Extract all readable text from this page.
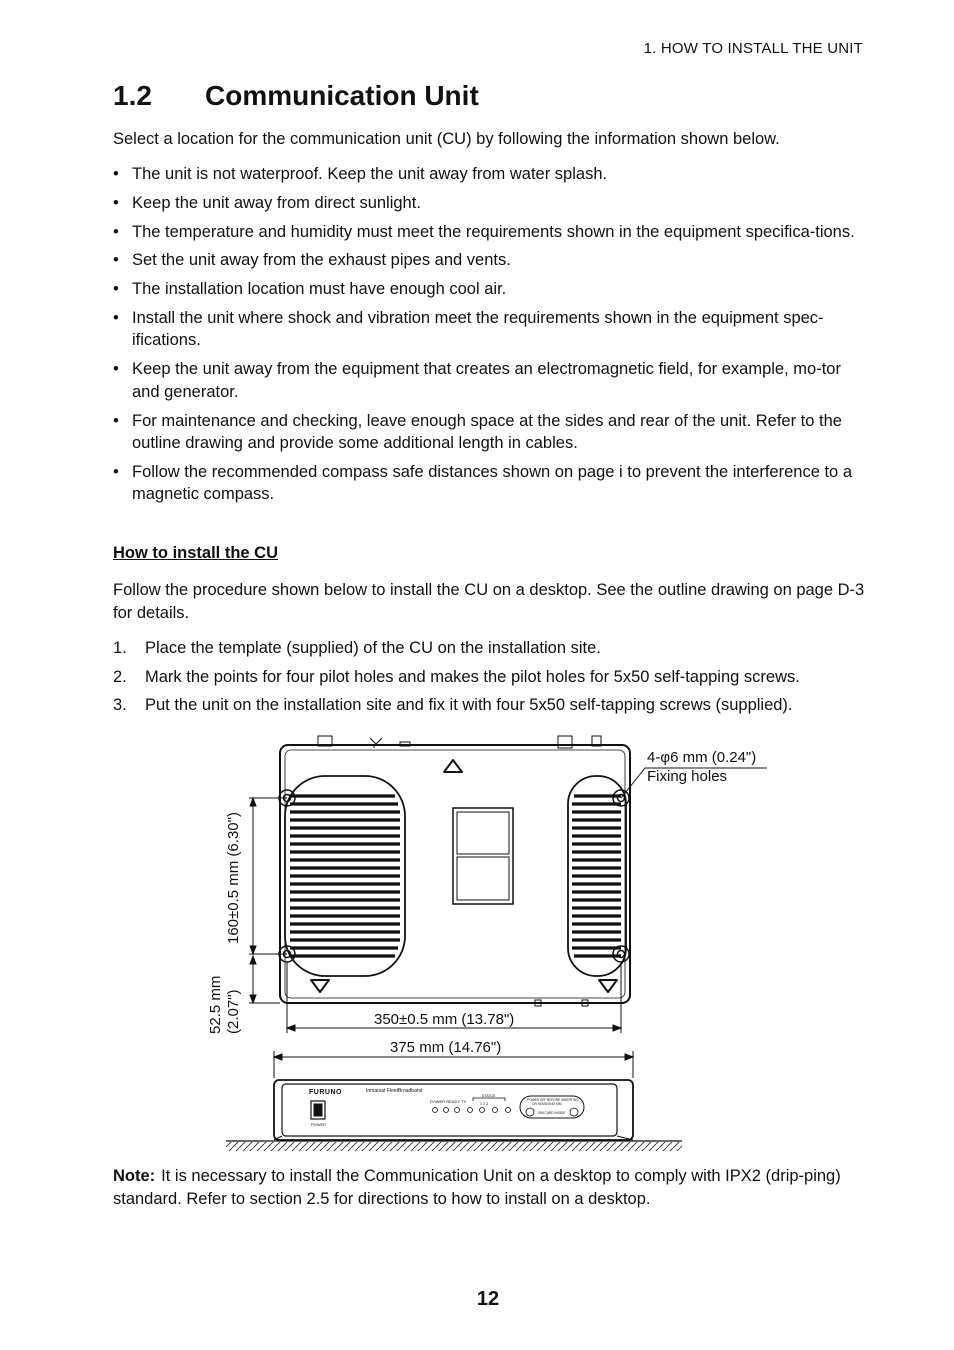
1. HOW TO INSTALL THE UNIT
1.2 Communication Unit

Select a location for the communication unit (CU) by following the information shown below.

• The unit is not waterproof. Keep the unit away from water splash.
• Keep the unit away from direct sunlight.
• The temperature and humidity must meet the requirements shown in the equipment specifica-tions.
• Set the unit away from the exhaust pipes and vents.
• The installation location must have enough cool air.
• Install the unit where shock and vibration meet the requirements shown in the equipment spec-ifications.
• Keep the unit away from the equipment that creates an electromagnetic field, for example, mo-tor and generator.
• For maintenance and checking, leave enough space at the sides and rear of the unit. Refer to the outline drawing and provide some additional length in cables.
• Follow the recommended compass safe distances shown on page i to prevent the interference to a magnetic compass.
How to install the CU

Follow the procedure shown below to install the CU on a desktop. See the outline drawing on page D-3 for details.

1. Place the template (supplied) of the CU on the installation site.
2. Mark the points for four pilot holes and makes the pilot holes for 5x50 self-tapping screws.
3. Put the unit on the installation site and fix it with four 5x50 self-tapping screws (supplied).
4-φ6 mm (0.24")
Fixing holes
160±0.5 mm (6.30")
52.5 mm (2.07")	350±0.5 mm (13.78")
375 mm (14.76")
FURUNO	Inmarsat FleetBroadband
POWER READY TX
STATUS
1 2 3
POWER OFF BEFORE INSERTING
OR REMOVING SIM
SIM CARD INSIDE
POWER

Note: It is necessary to install the Communication Unit on a desktop to comply with IPX2 (drip-ping) standard. Refer to section 2.5 for directions to how to install on a desktop.

12
